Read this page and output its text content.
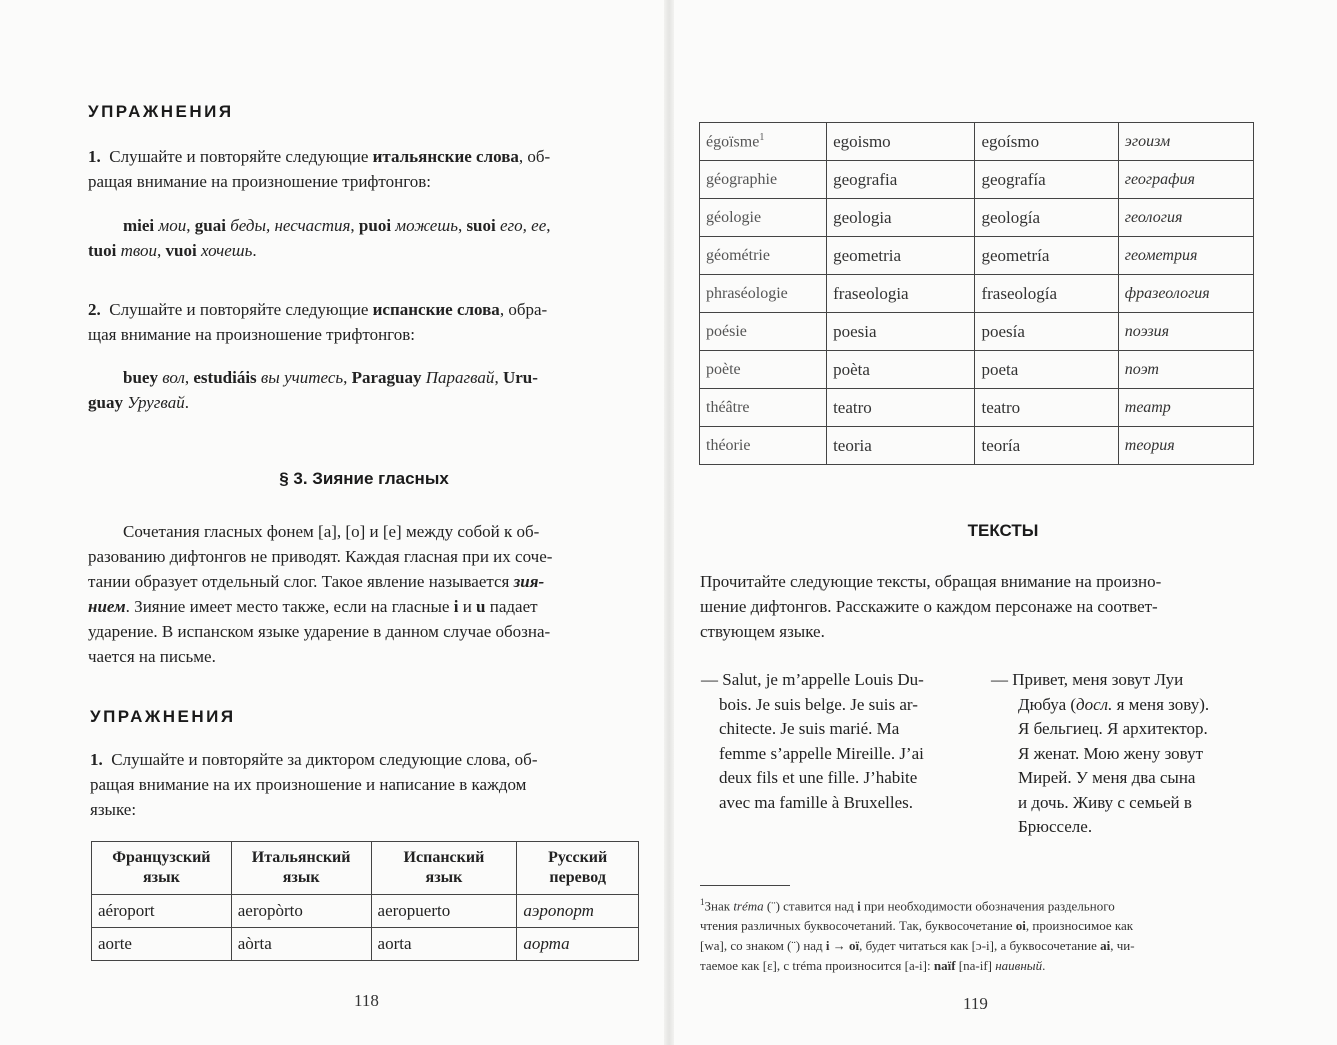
УПРАЖНЕНИЯ
1. Слушайте и повторяйте следующие итальянские слова, об-
ращая внимание на произношение трифтонгов:
miei мои, guai беды, несчастия, puoi можешь, suoi его, ее,
tuoi твои, vuoi хочешь.
2. Слушайте и повторяйте следующие испанские слова, обра-
щая внимание на произношение трифтонгов:
buey вол, estudiáis вы учитесь, Paraguay Парагвай, Uru-
guay Уругвай.
§ 3. Зияние гласных
Сочетания гласных фонем [a], [o] и [e] между собой к об-
разованию дифтонгов не приводят. Каждая гласная при их соче-
тании образует отдельный слог. Такое явление называется зия-
нием. Зияние имеет место также, если на гласные i и u падает
ударение. В испанском языке ударение в данном случае обозна-
чается на письме.
УПРАЖНЕНИЯ
1. Слушайте и повторяйте за диктором следующие слова, об-
ращая внимание на их произношение и написание в каждом
языке:
Французский
язык	Итальянский
язык	Испанский
язык	Русский
перевод
aéroport	aeropòrto	aeropuerto	аэропорт
aorte	aòrta	aorta	аорта
118
égoïsme$^1$	egoismo	egoísmo	эгоизм
géographie	geografia	geografía	география
géologie	geologia	geología	геология
géométrie	geometria	geometría	геометрия
phraséologie	fraseologia	fraseología	фразеология
poésie	poesia	poesía	поэзия
poète	poèta	poeta	поэт
théâtre	teatro	teatro	театр
théorie	teoria	teoría	теория
ТЕКСТЫ
Прочитайте следующие тексты, обращая внимание на произно-
шение дифтонгов. Расскажите о каждом персонаже на соответ-
ствующем языке.
— Salut, je m’appelle Louis Du-
bois. Je suis belge. Je suis ar-
chitecte. Je suis marié. Ma
femme s’appelle Mireille. J’ai
deux fils et une fille. J’habite
avec ma famille à Bruxelles.
— Привет, меня зовут Луи
Дюбуа (досл. я меня зову).
Я бельгиец. Я архитектор.
Я женат. Мою жену зовут
Мирей. У меня два сына
и дочь. Живу с семьей в
Брюсселе.
$^1$Знак tréma (¨) ставится над i при необходимости обозначения раздельного
чтения различных буквосочетаний. Так, буквосочетание oi, произносимое как
[wa], со знаком (¨) над i → oï, будет читаться как [ɔ-i], а буквосочетание ai, чи-
таемое как [ɛ], с tréma произносится [a-i]: naïf [na-if] наивный.
119
